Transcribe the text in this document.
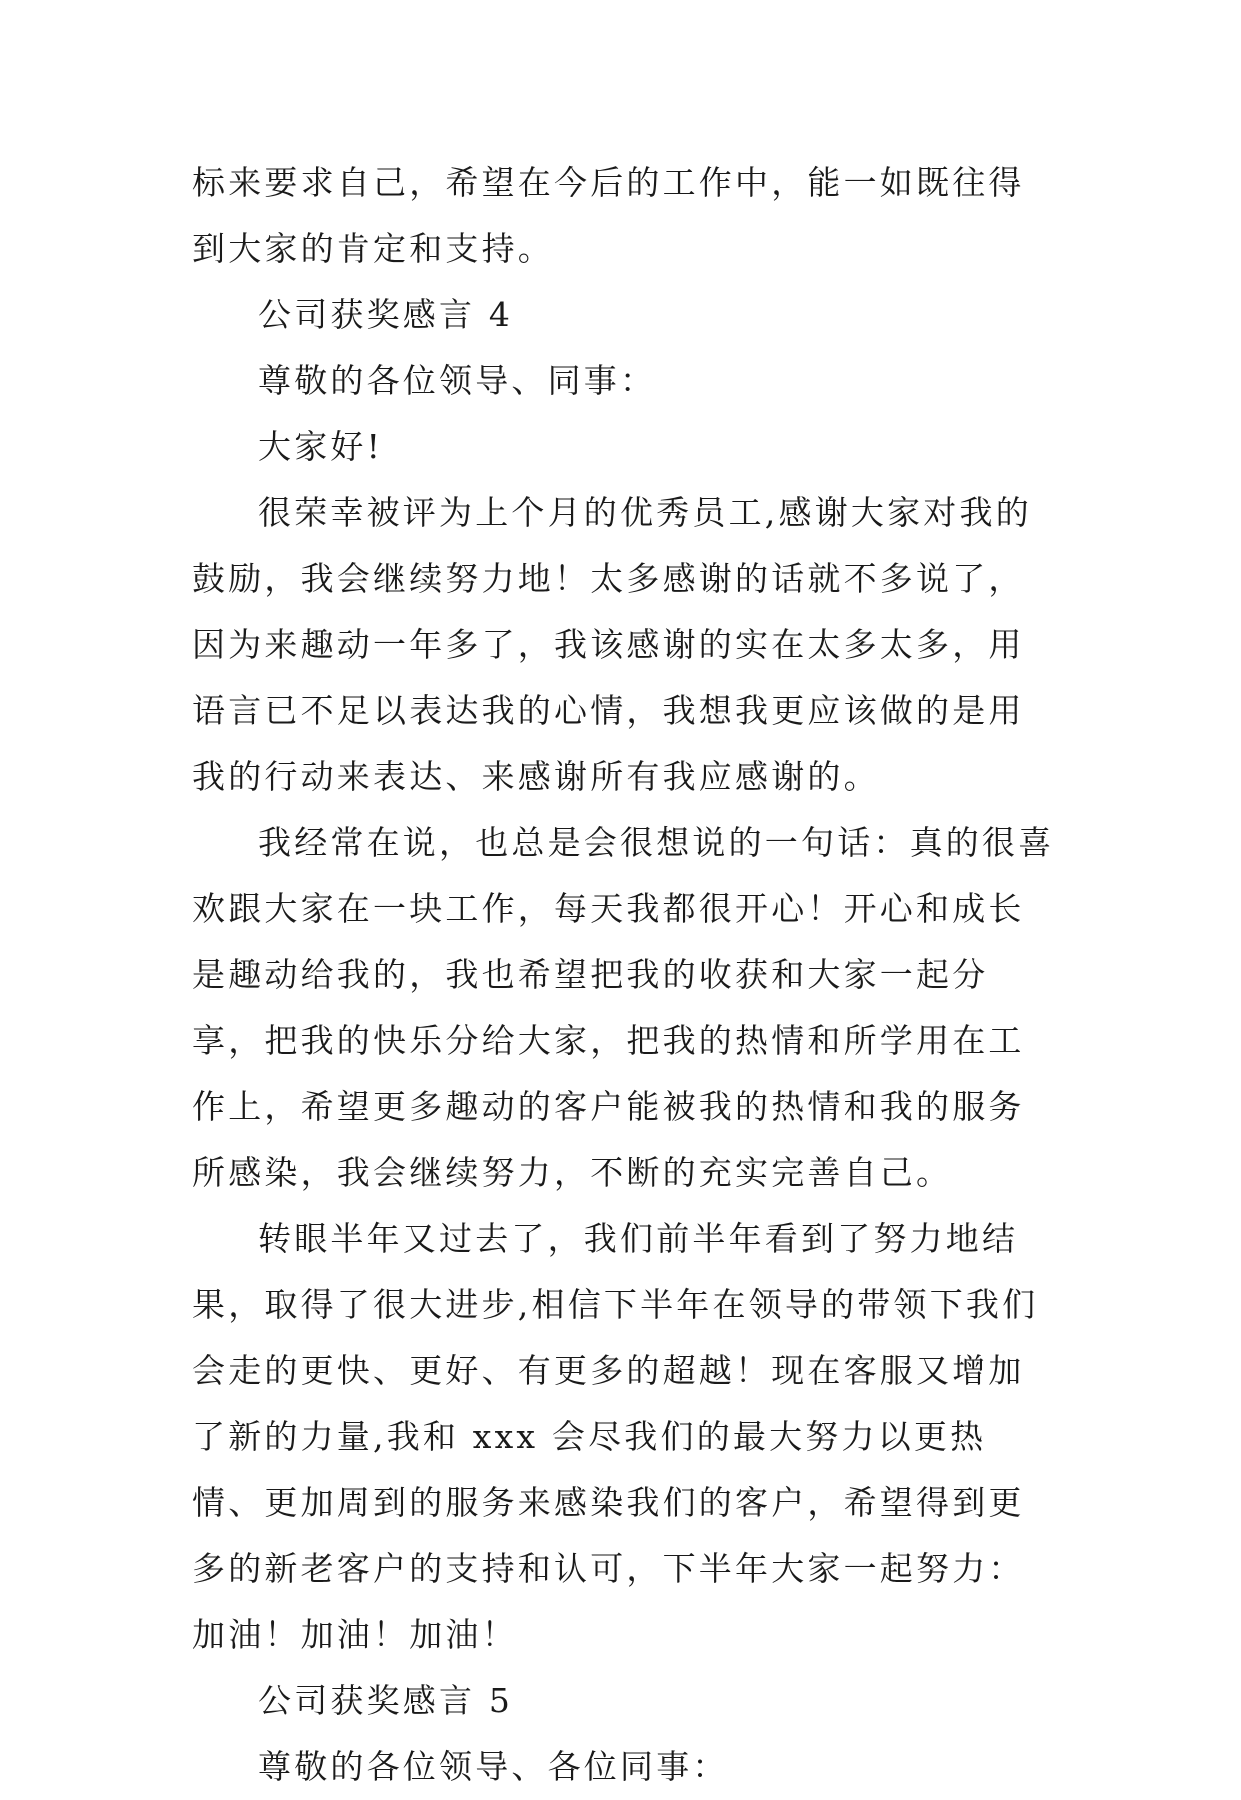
标来要求自己，希望在今后的工作中，能一如既往得到大家的肯定和支持。

公司获奖感言 4

尊敬的各位领导、同事：

大家好!

很荣幸被评为上个月的优秀员工,感谢大家对我的鼓励，我会继续努力地！太多感谢的话就不多说了，因为来趣动一年多了，我该感谢的实在太多太多，用语言已不足以表达我的心情，我想我更应该做的是用我的行动来表达、来感谢所有我应感谢的。

我经常在说，也总是会很想说的一句话：真的很喜欢跟大家在一块工作，每天我都很开心！开心和成长是趣动给我的，我也希望把我的收获和大家一起分享，把我的快乐分给大家，把我的热情和所学用在工作上，希望更多趣动的客户能被我的热情和我的服务所感染，我会继续努力，不断的充实完善自己。

转眼半年又过去了，我们前半年看到了努力地结果，取得了很大进步,相信下半年在领导的带领下我们会走的更快、更好、有更多的超越！现在客服又增加了新的力量,我和 xxx 会尽我们的最大努力以更热情、更加周到的服务来感染我们的客户，希望得到更多的新老客户的支持和认可，下半年大家一起努力：加油！加油！加油！

公司获奖感言 5

尊敬的各位领导、各位同事：
